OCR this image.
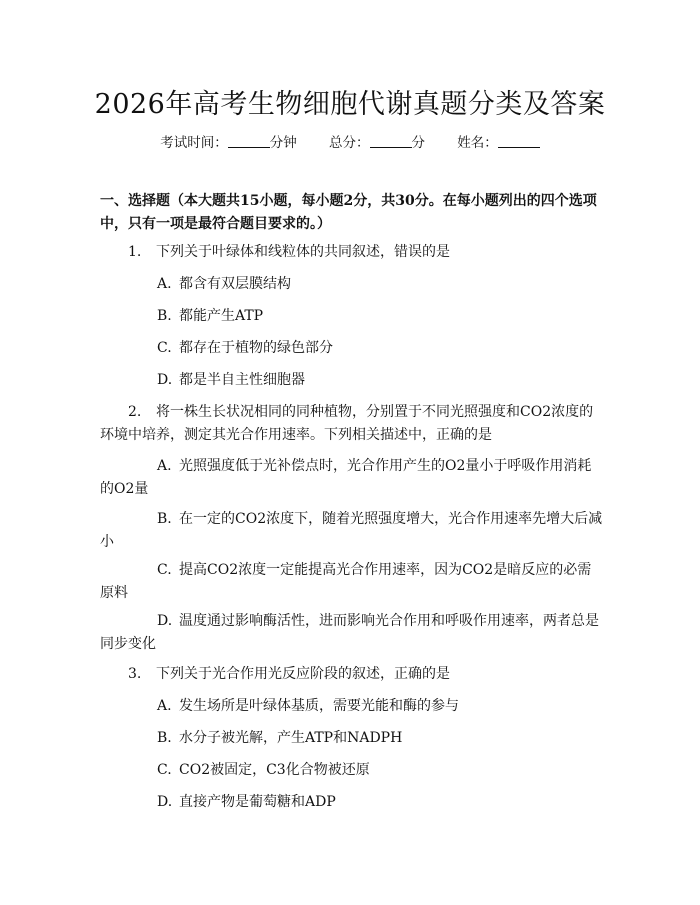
2026年高考生物细胞代谢真题分类及答案
考试时间：	分钟 总分：	分 姓名：
一、选择题（本大题共15小题，每小题2分，共30分。在每小题列出的四个选项中，只有一项是最符合题目要求的。）
1. 下列关于叶绿体和线粒体的共同叙述，错误的是
A. 都含有双层膜结构
B. 都能产生ATP
C. 都存在于植物的绿色部分
D. 都是半自主性细胞器
2. 将一株生长状况相同的同种植物，分别置于不同光照强度和CO2浓度的环境中培养，测定其光合作用速率。下列相关描述中，正确的是
A. 光照强度低于光补偿点时，光合作用产生的O2量小于呼吸作用消耗的O2量
B. 在一定的CO2浓度下，随着光照强度增大，光合作用速率先增大后减小
C. 提高CO2浓度一定能提高光合作用速率，因为CO2是暗反应的必需原料
D. 温度通过影响酶活性，进而影响光合作用和呼吸作用速率，两者总是同步变化
3. 下列关于光合作用光反应阶段的叙述，正确的是
A. 发生场所是叶绿体基质，需要光能和酶的参与
B. 水分子被光解，产生ATP和NADPH
C. CO2被固定，C3化合物被还原
D. 直接产物是葡萄糖和ADP
